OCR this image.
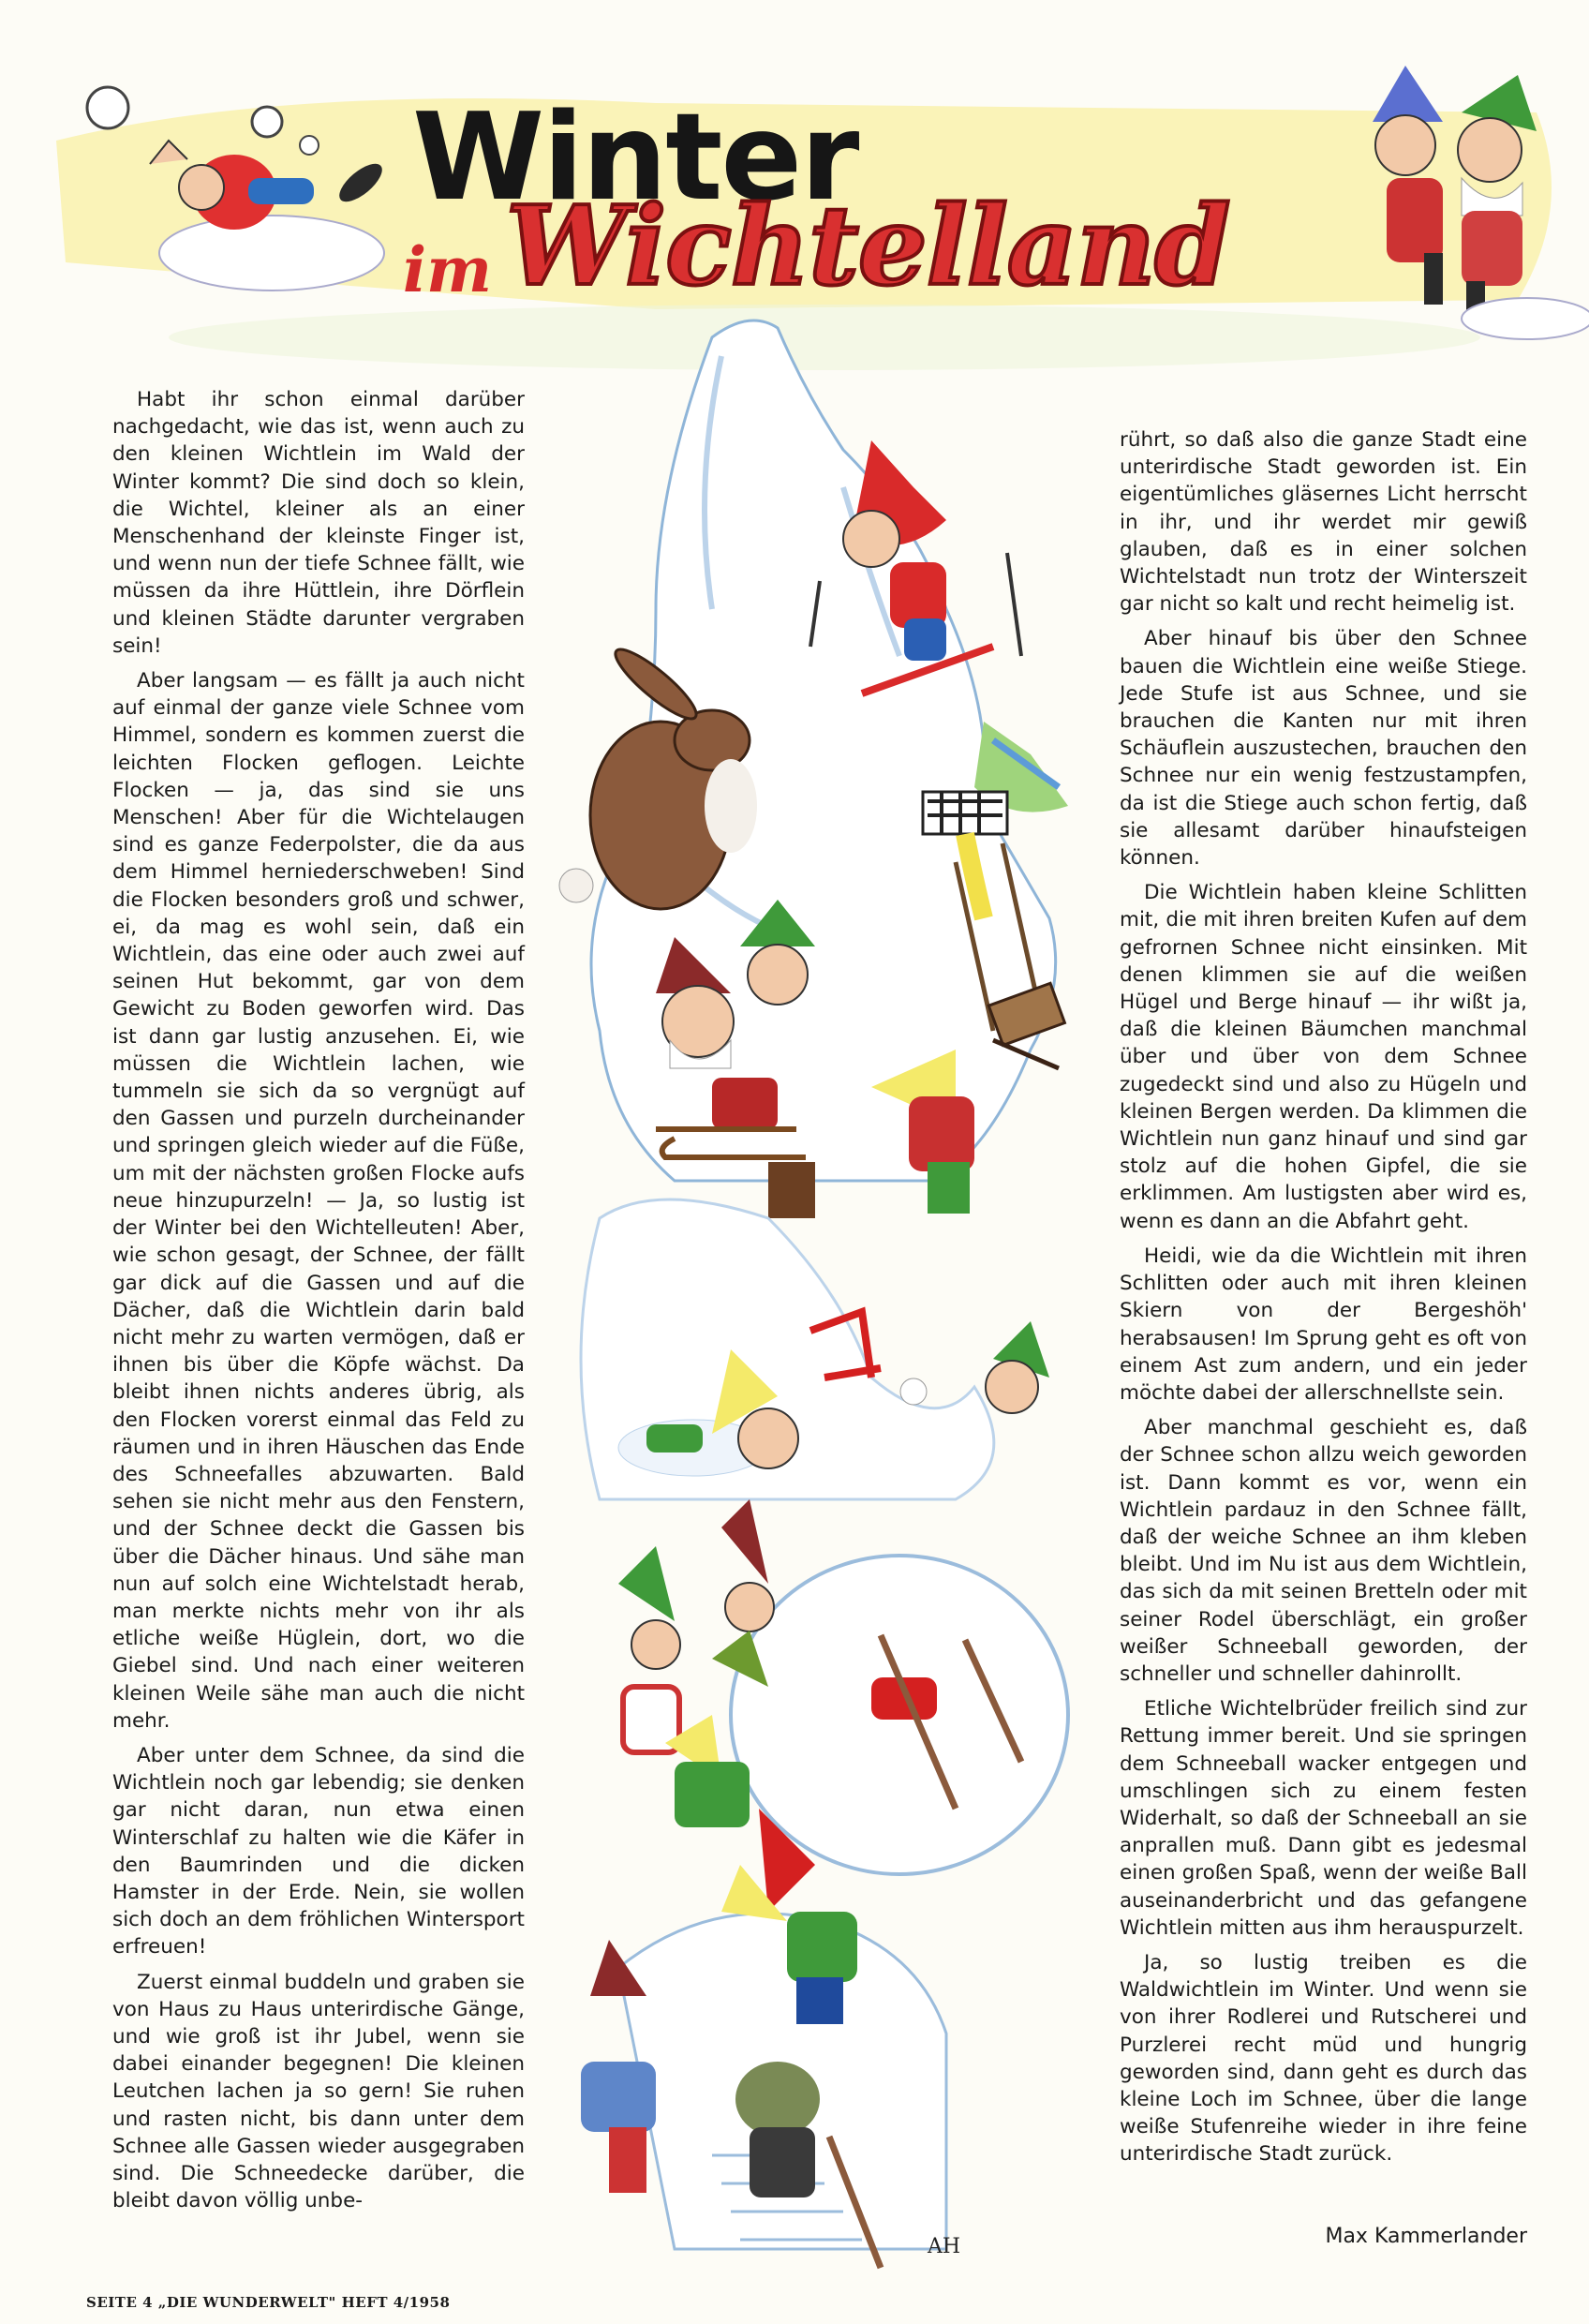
AH
Winter
im Wichtelland

Habt ihr schon einmal darüber nachgedacht, wie das ist, wenn auch zu den kleinen Wichtlein im Wald der Winter kommt? Die sind doch so klein, die Wichtel, kleiner als an einer Menschenhand der kleinste Finger ist, und wenn nun der tiefe Schnee fällt, wie müssen da ihre Hüttlein, ihre Dörflein und kleinen Städte darunter vergraben sein!

Aber langsam — es fällt ja auch nicht auf einmal der ganze viele Schnee vom Himmel, sondern es kommen zuerst die leichten Flocken geflogen. Leichte Flocken — ja, das sind sie uns Menschen! Aber für die Wichtelaugen sind es ganze Federpolster, die da aus dem Himmel herniederschweben! Sind die Flocken besonders groß und schwer, ei, da mag es wohl sein, daß ein Wichtlein, das eine oder auch zwei auf seinen Hut bekommt, gar von dem Gewicht zu Boden geworfen wird. Das ist dann gar lustig anzusehen. Ei, wie müssen die Wichtlein lachen, wie tummeln sie sich da so vergnügt auf den Gassen und purzeln durcheinander und springen gleich wieder auf die Füße, um mit der nächsten großen Flocke aufs neue hinzupurzeln! — Ja, so lustig ist der Winter bei den Wichtelleuten! Aber, wie schon gesagt, der Schnee, der fällt gar dick auf die Gassen und auf die Dächer, daß die Wichtlein darin bald nicht mehr zu warten vermögen, daß er ihnen bis über die Köpfe wächst. Da bleibt ihnen nichts anderes übrig, als den Flocken vorerst einmal das Feld zu räumen und in ihren Häuschen das Ende des Schneefalles abzuwarten. Bald sehen sie nicht mehr aus den Fenstern, und der Schnee deckt die Gassen bis über die Dächer hinaus. Und sähe man nun auf solch eine Wichtelstadt herab, man merkte nichts mehr von ihr als etliche weiße Hüglein, dort, wo die Giebel sind. Und nach einer weiteren kleinen Weile sähe man auch die nicht mehr.

Aber unter dem Schnee, da sind die Wichtlein noch gar lebendig; sie denken gar nicht daran, nun etwa einen Winterschlaf zu halten wie die Käfer in den Baumrinden und die dicken Hamster in der Erde. Nein, sie wollen sich doch an dem fröhlichen Wintersport erfreuen!

Zuerst einmal buddeln und graben sie von Haus zu Haus unterirdische Gänge, und wie groß ist ihr Jubel, wenn sie dabei einander begegnen! Die kleinen Leutchen lachen ja so gern! Sie ruhen und rasten nicht, bis dann unter dem Schnee alle Gassen wieder ausgegraben sind. Die Schneedecke darüber, die bleibt davon völlig unbe-

rührt, so daß also die ganze Stadt eine unterirdische Stadt geworden ist. Ein eigentümliches gläsernes Licht herrscht in ihr, und ihr werdet mir gewiß glauben, daß es in einer solchen Wichtelstadt nun trotz der Winterszeit gar nicht so kalt und recht heimelig ist.

Aber hinauf bis über den Schnee bauen die Wichtlein eine weiße Stiege. Jede Stufe ist aus Schnee, und sie brauchen die Kanten nur mit ihren Schäuflein auszustechen, brauchen den Schnee nur ein wenig festzustampfen, da ist die Stiege auch schon fertig, daß sie allesamt darüber hinaufsteigen können.

Die Wichtlein haben kleine Schlitten mit, die mit ihren breiten Kufen auf dem gefrornen Schnee nicht einsinken. Mit denen klimmen sie auf die weißen Hügel und Berge hinauf — ihr wißt ja, daß die kleinen Bäumchen manchmal über und über von dem Schnee zugedeckt sind und also zu Hügeln und kleinen Bergen werden. Da klimmen die Wichtlein nun ganz hinauf und sind gar stolz auf die hohen Gipfel, die sie erklimmen. Am lustigsten aber wird es, wenn es dann an die Abfahrt geht.

Heidi, wie da die Wichtlein mit ihren Schlitten oder auch mit ihren kleinen Skiern von der Bergeshöh' herabsausen! Im Sprung geht es oft von einem Ast zum andern, und ein jeder möchte dabei der allerschnellste sein.

Aber manchmal geschieht es, daß der Schnee schon allzu weich geworden ist. Dann kommt es vor, wenn ein Wichtlein pardauz in den Schnee fällt, daß der weiche Schnee an ihm kleben bleibt. Und im Nu ist aus dem Wichtlein, das sich da mit seinen Bretteln oder mit seiner Rodel überschlägt, ein großer weißer Schneeball geworden, der schneller und schneller dahinrollt.

Etliche Wichtelbrüder freilich sind zur Rettung immer bereit. Und sie springen dem Schneeball wacker entgegen und umschlingen sich zu einem festen Widerhalt, so daß der Schneeball an sie anprallen muß. Dann gibt es jedesmal einen großen Spaß, wenn der weiße Ball auseinanderbricht und das gefangene Wichtlein mitten aus ihm herauspurzelt.

Ja, so lustig treiben es die Waldwichtlein im Winter. Und wenn sie von ihrer Rodlerei und Rutscherei und Purzlerei recht müd und hungrig geworden sind, dann geht es durch das kleine Loch im Schnee, über die lange weiße Stufenreihe wieder in ihre feine unterirdische Stadt zurück.

Max Kammerlander
SEITE 4 „DIE WUNDERWELT" HEFT 4/1958
